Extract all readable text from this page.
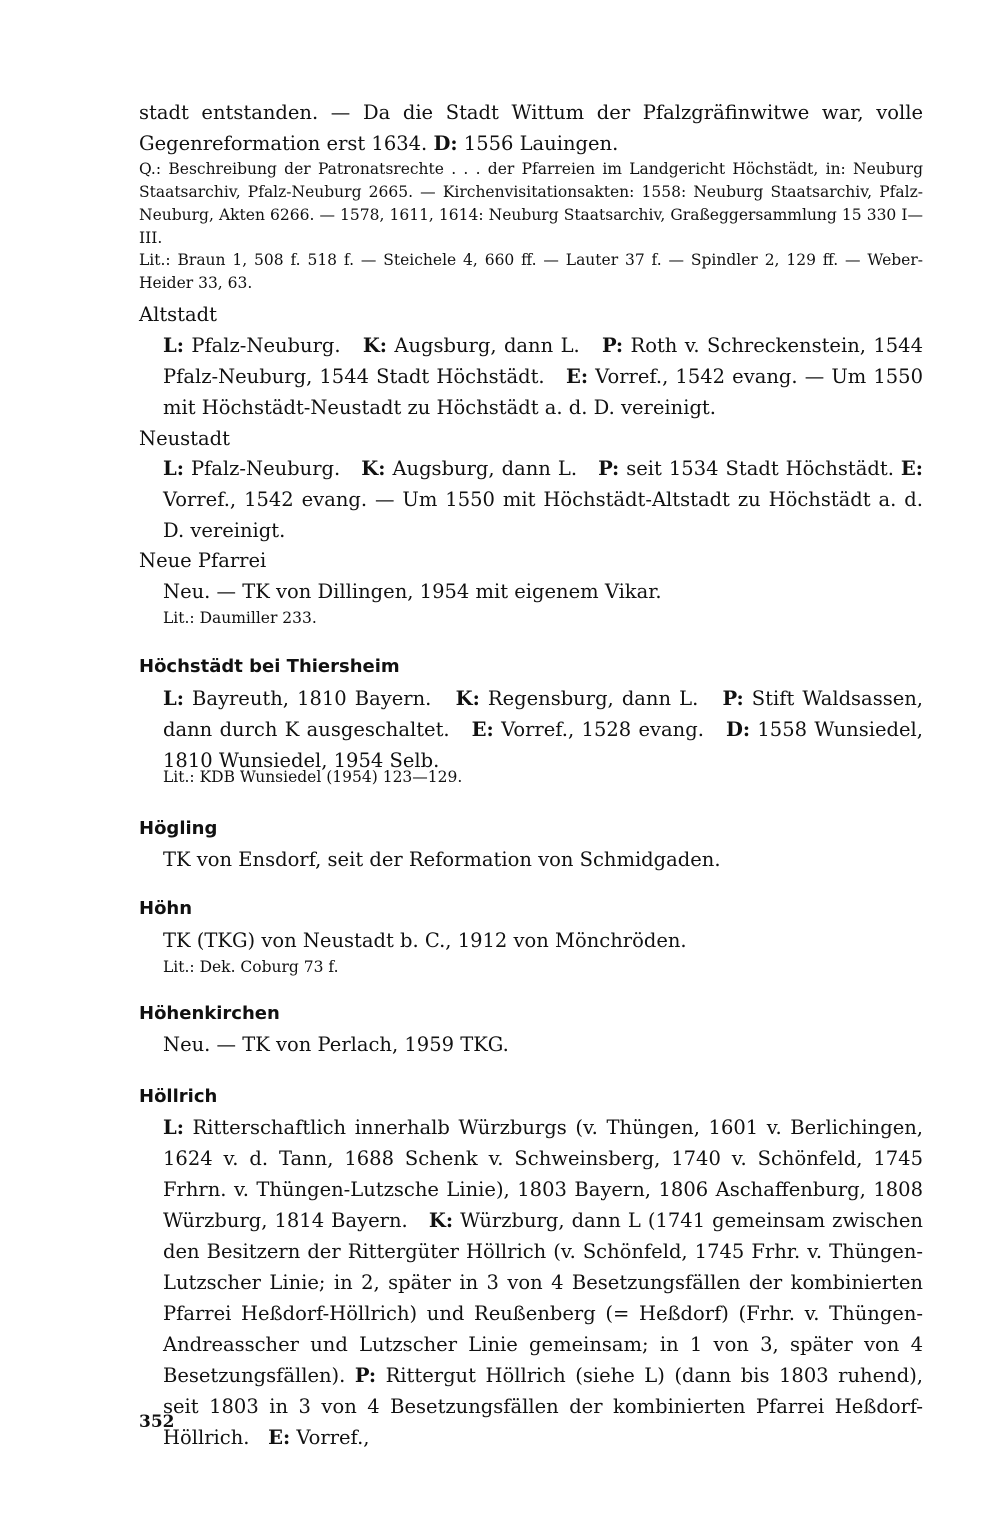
stadt entstanden. — Da die Stadt Wittum der Pfalzgräfinwitwe war, volle Gegenreformation erst 1634. D: 1556 Lauingen.

Q.: Beschreibung der Patronatsrechte . . . der Pfarreien im Landgericht Höchstädt, in: Neuburg Staatsarchiv, Pfalz-Neuburg 2665. — Kirchenvisitationsakten: 1558: Neuburg Staatsarchiv, Pfalz-Neuburg, Akten 6266. — 1578, 1611, 1614: Neuburg Staatsarchiv, Graßeggersammlung 15 330 I—III.

Lit.: Braun 1, 508 f. 518 f. — Steichele 4, 660 ff. — Lauter 37 f. — Spindler 2, 129 ff. — Weber-Heider 33, 63.

Altstadt

L: Pfalz-Neuburg. K: Augsburg, dann L. P: Roth v. Schreckenstein, 1544 Pfalz-Neuburg, 1544 Stadt Höchstädt. E: Vorref., 1542 evang. — Um 1550 mit Höchstädt-Neustadt zu Höchstädt a. d. D. vereinigt.

Neustadt

L: Pfalz-Neuburg. K: Augsburg, dann L. P: seit 1534 Stadt Höchstädt. E: Vorref., 1542 evang. — Um 1550 mit Höchstädt-Altstadt zu Höchstädt a. d. D. vereinigt.

Neue Pfarrei

Neu. — TK von Dillingen, 1954 mit eigenem Vikar.

Lit.: Daumiller 233.

Höchstädt bei Thiersheim

L: Bayreuth, 1810 Bayern. K: Regensburg, dann L. P: Stift Waldsassen, dann durch K ausgeschaltet. E: Vorref., 1528 evang. D: 1558 Wunsiedel, 1810 Wunsiedel, 1954 Selb.

Lit.: KDB Wunsiedel (1954) 123—129.

Högling

TK von Ensdorf, seit der Reformation von Schmidgaden.

Höhn

TK (TKG) von Neustadt b. C., 1912 von Mönchröden.

Lit.: Dek. Coburg 73 f.

Höhenkirchen

Neu. — TK von Perlach, 1959 TKG.

Höllrich

L: Ritterschaftlich innerhalb Würzburgs (v. Thüngen, 1601 v. Berlichingen, 1624 v. d. Tann, 1688 Schenk v. Schweinsberg, 1740 v. Schönfeld, 1745 Frhrn. v. Thüngen-Lutzsche Linie), 1803 Bayern, 1806 Aschaffenburg, 1808 Würzburg, 1814 Bayern. K: Würzburg, dann L (1741 gemeinsam zwischen den Besitzern der Rittergüter Höllrich (v. Schönfeld, 1745 Frhr. v. Thüngen-Lutzscher Linie; in 2, später in 3 von 4 Besetzungsfällen der kombinierten Pfarrei Heßdorf-Höllrich) und Reußenberg (= Heßdorf) (Frhr. v. Thüngen-Andreasscher und Lutzscher Linie gemeinsam; in 1 von 3, später von 4 Besetzungsfällen). P: Rittergut Höllrich (siehe L) (dann bis 1803 ruhend), seit 1803 in 3 von 4 Besetzungsfällen der kombinierten Pfarrei Heßdorf-Höllrich. E: Vorref.,

352
